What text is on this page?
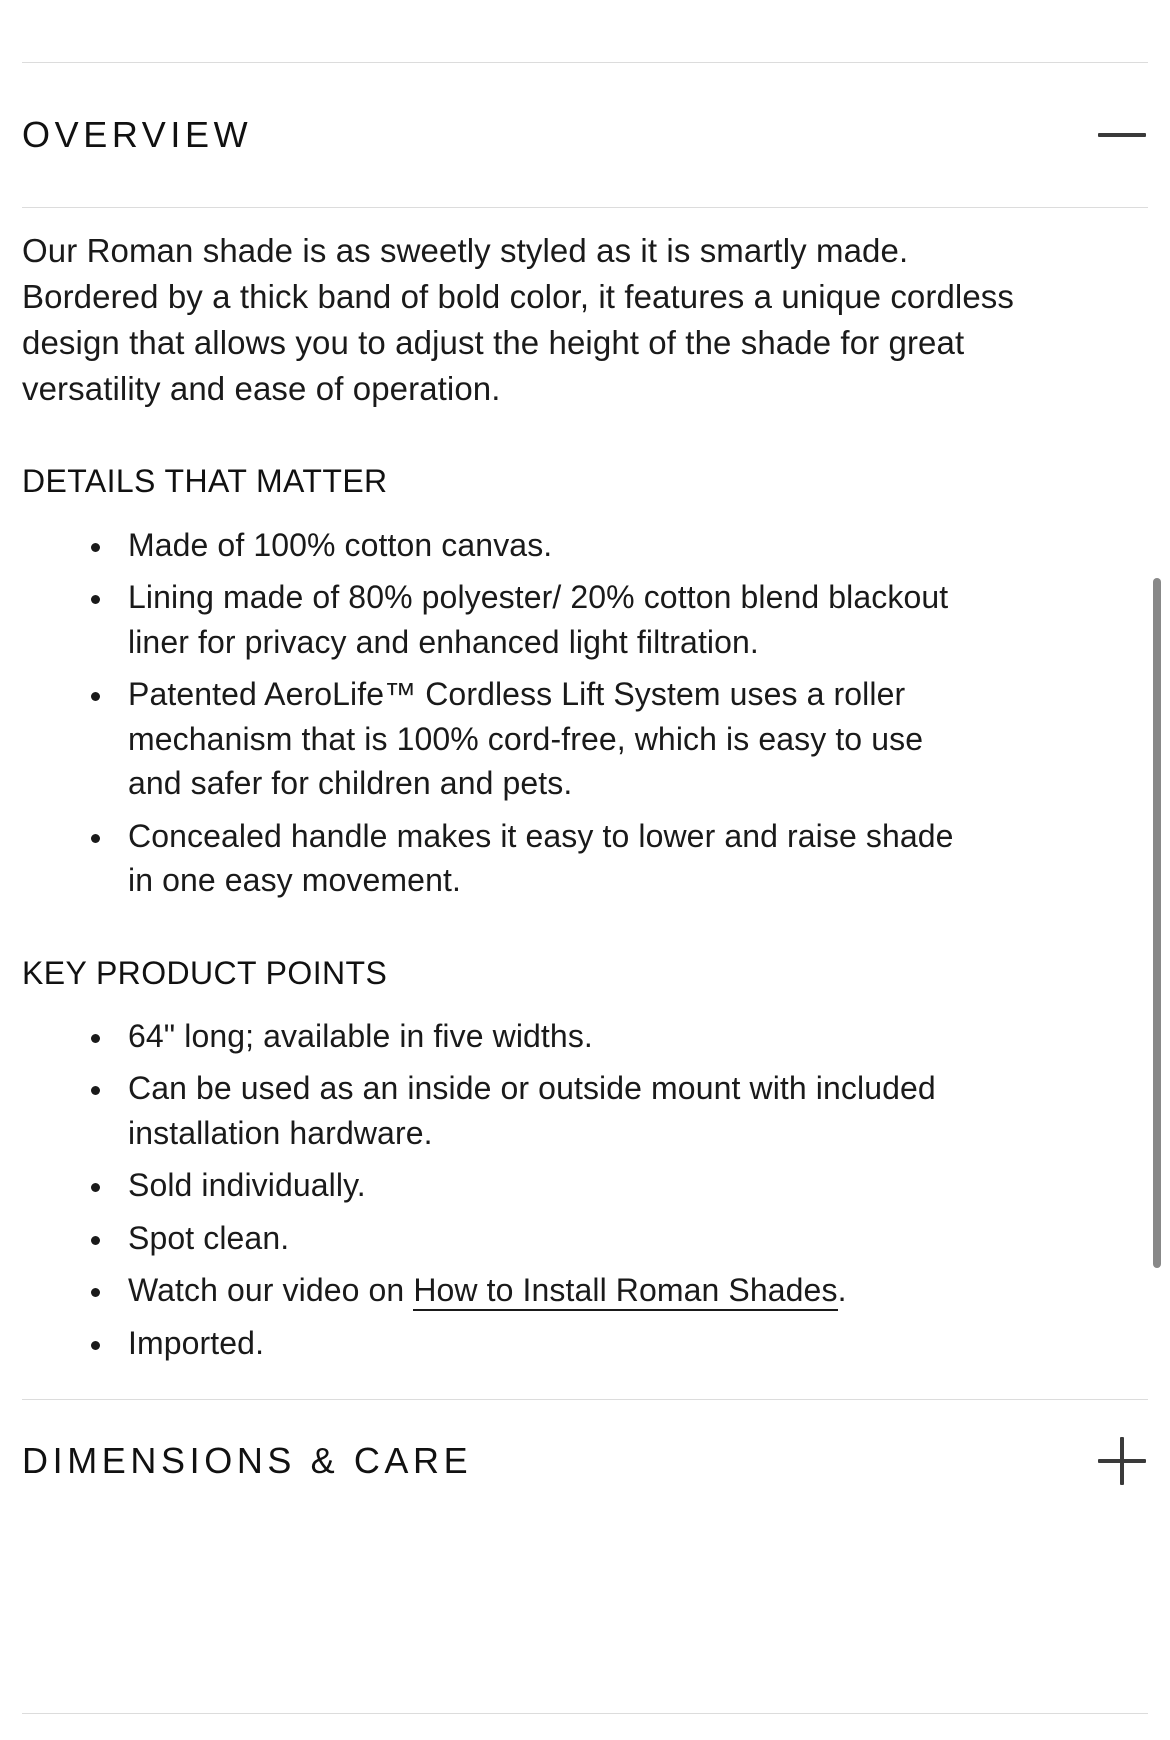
OVERVIEW

Our Roman shade is as sweetly styled as it is smartly made. Bordered by a thick band of bold color, it features a unique cordless design that allows you to adjust the height of the shade for great versatility and ease of operation.

DETAILS THAT MATTER
Made of 100% cotton canvas.
Lining made of 80% polyester/ 20% cotton blend blackout liner for privacy and enhanced light filtration.
Patented AeroLife™ Cordless Lift System uses a roller mechanism that is 100% cord-free, which is easy to use and safer for children and pets.
Concealed handle makes it easy to lower and raise shade in one easy movement.
KEY PRODUCT POINTS
64" long; available in five widths.
Can be used as an inside or outside mount with included installation hardware.
Sold individually.
Spot clean.
Watch our video on How to Install Roman Shades.
Imported.
DIMENSIONS & CARE
